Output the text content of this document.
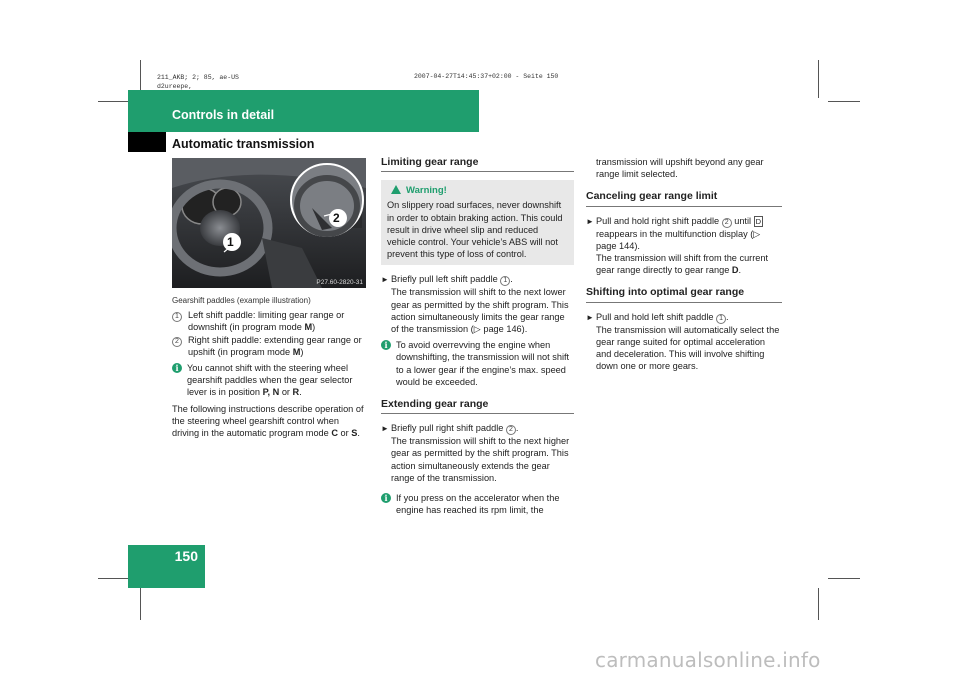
211_AKB; 2; 85, ae-US
d2ureepe,
2007-04-27T14:45:37+02:00 - Seite 150
Controls in detail
Automatic transmission
150
1
2
P27.60-2820-31
Gearshift paddles (example illustration)
1 Left shift paddle: limiting gear range or downshift (in program mode M)
2 Right shift paddle: extending gear range or upshift (in program mode M)
i You cannot shift with the steering wheel gearshift paddles when the gear selector lever is in position P, N or R.
The following instructions describe operation of the steering wheel gearshift control when driving in the automatic program mode C or S.
Limiting gear range
Warning!
On slippery road surfaces, never downshift in order to obtain braking action. This could result in drive wheel slip and reduced vehicle control. Your vehicle’s ABS will not prevent this type of loss of control.
► Briefly pull left shift paddle 1 .
The transmission will shift to the next lower gear as permitted by the shift program. This action simultaneously limits the gear range of the transmission (▷ page 146).
i To avoid overrevving the engine when downshifting, the transmission will not shift to a lower gear if the engine’s max. speed would be exceeded.
Extending gear range
► Briefly pull right shift paddle 2 .
The transmission will shift to the next higher gear as permitted by the shift program. This action simultaneously extends the gear range of the transmission.
i If you press on the accelerator when the engine has reached its rpm limit, the
transmission will upshift beyond any gear range limit selected.
Canceling gear range limit
► Pull and hold right shift paddle 2 until D reappears in the multifunction display (▷ page 144).
The transmission will shift from the current gear range directly to gear range D.
Shifting into optimal gear range
► Pull and hold left shift paddle 1 .
The transmission will automatically select the gear range suited for optimal acceleration and deceleration. This will involve shifting down one or more gears.
carmanualsonline.info
